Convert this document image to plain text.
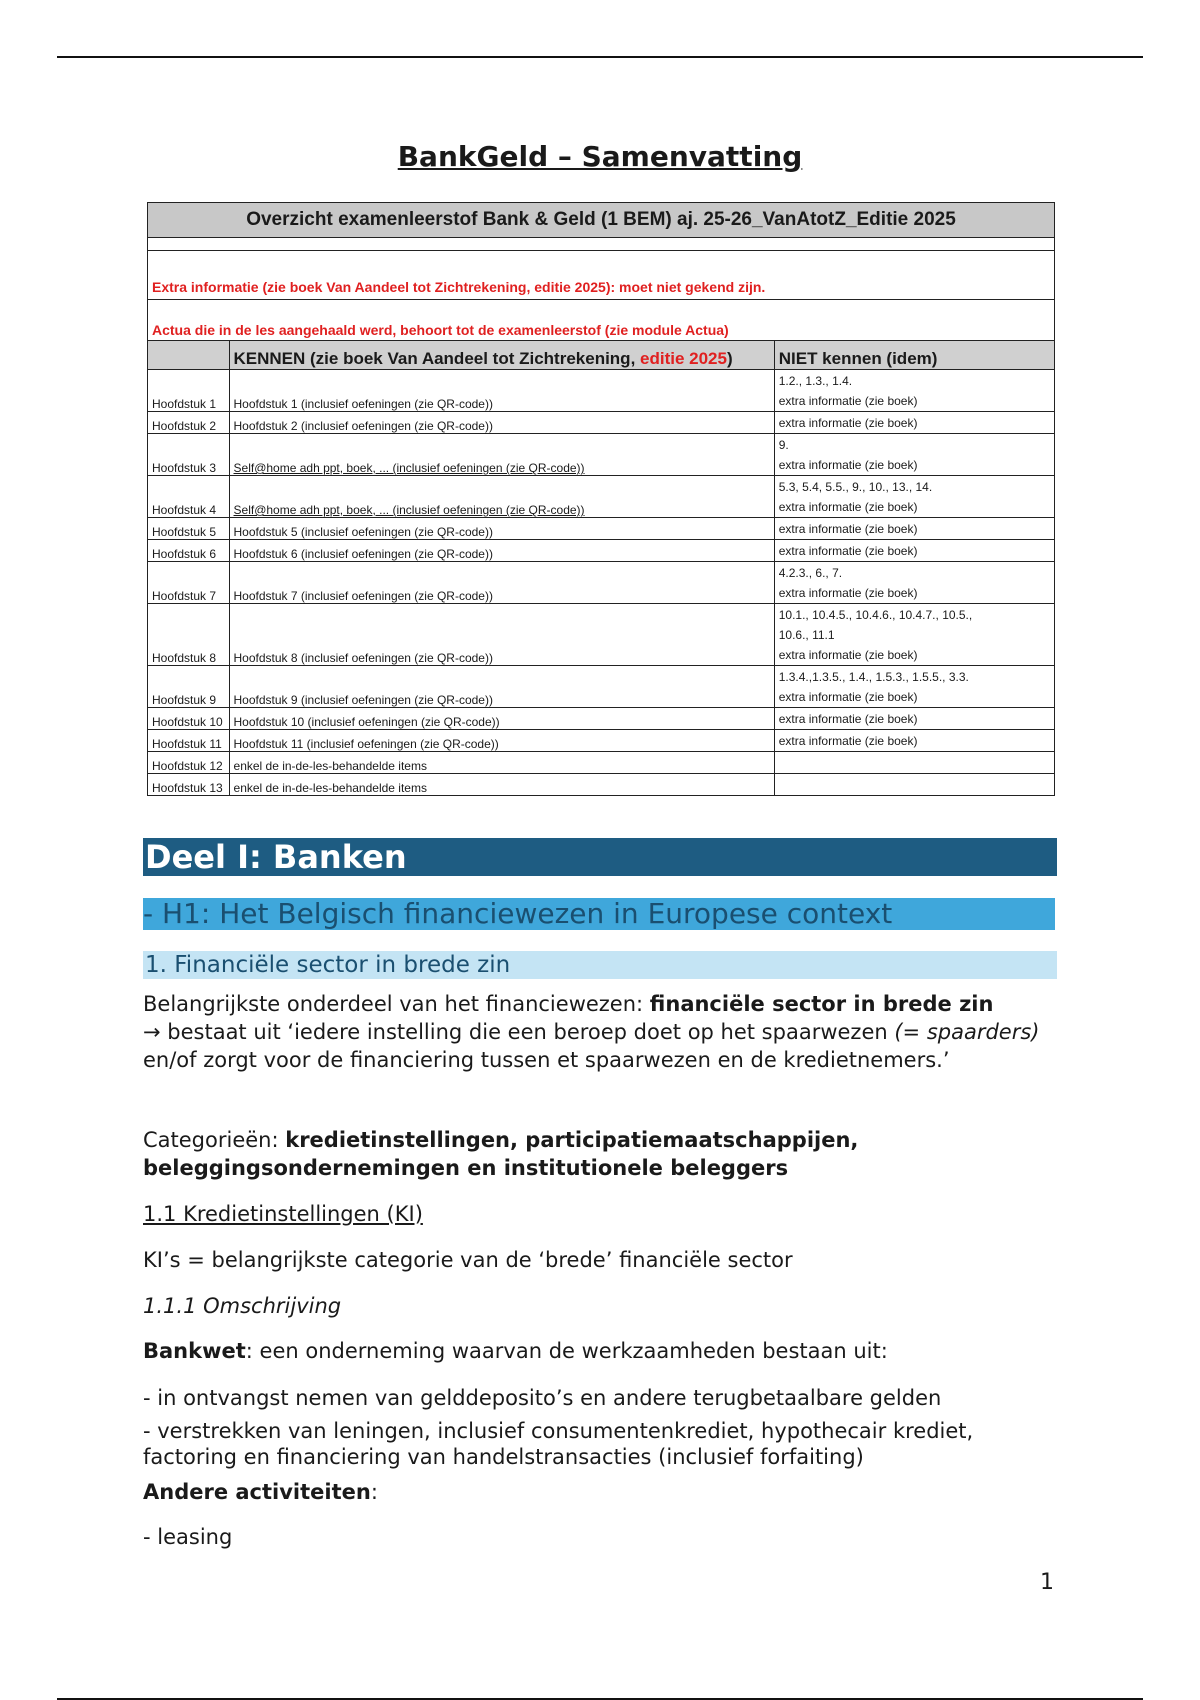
BankGeld – Samenvatting
Overzicht examenleerstof Bank & Geld (1 BEM) aj. 25-26_VanAtotZ_Editie 2025		

Extra informatie (zie boek Van Aandeel tot Zichtrekening, editie 2025): moet niet gekend zijn.		
Actua die in de les aangehaald werd, behoort tot de examenleerstof (zie module Actua)		
	KENNEN (zie boek Van Aandeel tot Zichtrekening, editie 2025)	NIET kennen (idem)
Hoofdstuk 1	Hoofdstuk 1 (inclusief oefeningen (zie QR-code))	1.2., 1.3., 1.4.
extra informatie (zie boek)

Hoofdstuk 2	Hoofdstuk 2 (inclusief oefeningen (zie QR-code))	extra informatie (zie boek)

Hoofdstuk 3	Self@home adh ppt, boek, ... (inclusief oefeningen (zie QR-code))	9.
extra informatie (zie boek)

Hoofdstuk 4	Self@home adh ppt, boek, ... (inclusief oefeningen (zie QR-code))	5.3, 5.4, 5.5., 9., 10., 13., 14.
extra informatie (zie boek)

Hoofdstuk 5	Hoofdstuk 5 (inclusief oefeningen (zie QR-code))	extra informatie (zie boek)

Hoofdstuk 6	Hoofdstuk 6 (inclusief oefeningen (zie QR-code))	extra informatie (zie boek)

Hoofdstuk 7	Hoofdstuk 7 (inclusief oefeningen (zie QR-code))	4.2.3., 6., 7.
extra informatie (zie boek)

Hoofdstuk 8	Hoofdstuk 8 (inclusief oefeningen (zie QR-code))	10.1., 10.4.5., 10.4.6., 10.4.7., 10.5.,
10.6., 11.1
extra informatie (zie boek)

Hoofdstuk 9	Hoofdstuk 9 (inclusief oefeningen (zie QR-code))	1.3.4.,1.3.5., 1.4., 1.5.3., 1.5.5., 3.3.
extra informatie (zie boek)

Hoofdstuk 10	Hoofdstuk 10 (inclusief oefeningen (zie QR-code))	extra informatie (zie boek)

Hoofdstuk 11	Hoofdstuk 11 (inclusief oefeningen (zie QR-code))	extra informatie (zie boek)

Hoofdstuk 12	enkel de in-de-les-behandelde items	
Hoofdstuk 13	enkel de in-de-les-behandelde items	
Deel I: Banken
- H1: Het Belgisch financiewezen in Europese context
1. Financiële sector in brede zin
Belangrijkste onderdeel van het financiewezen: financiële sector in brede zin
→ bestaat uit ‘iedere instelling die een beroep doet op het spaarwezen (= spaarders) en/of zorgt voor de financiering tussen et spaarwezen en de kredietnemers.’
Categorieën: kredietinstellingen, participatiemaatschappijen, beleggingsondernemingen en institutionele beleggers
1.1 Kredietinstellingen (KI)
KI’s = belangrijkste categorie van de ‘brede’ financiële sector
1.1.1 Omschrijving
Bankwet: een onderneming waarvan de werkzaamheden bestaan uit:
- in ontvangst nemen van gelddeposito’s en andere terugbetaalbare gelden
- verstrekken van leningen, inclusief consumentenkrediet, hypothecair krediet, factoring en financiering van handelstransacties (inclusief forfaiting)
Andere activiteiten:
- leasing
1
